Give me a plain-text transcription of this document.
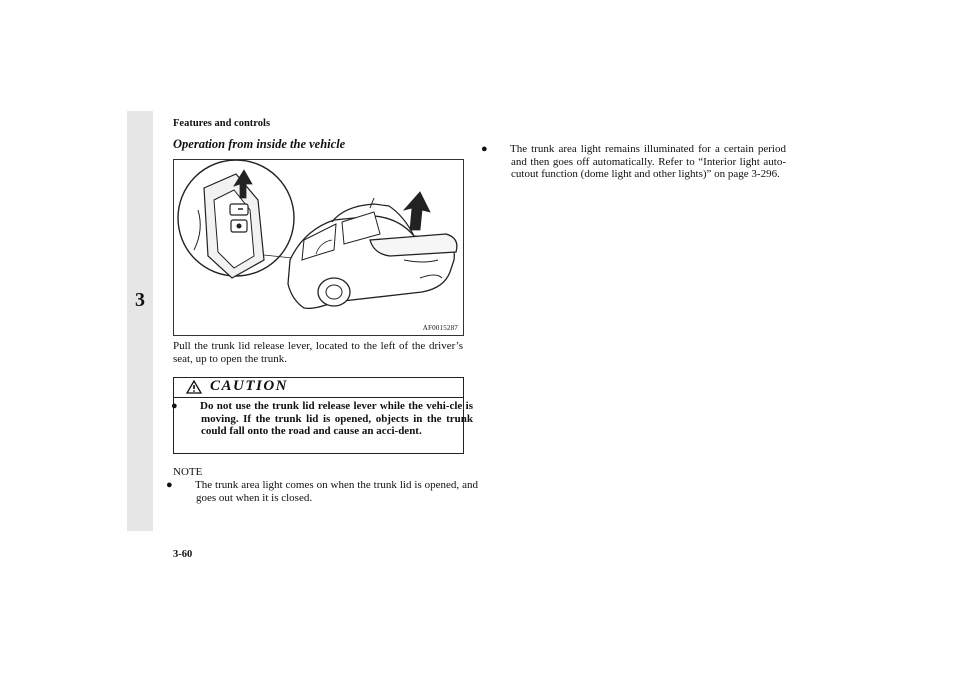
Features and controls
3
Operation from inside the vehicle
AF0015287
Pull the trunk lid release lever, located to the left of the driver’s seat, up to open the trunk.
CAUTION
● Do not use the trunk lid release lever while the vehi-cle is moving. If the trunk lid is opened, objects in the trunk could fall onto the road and cause an acci-dent.
NOTE
● The trunk area light comes on when the trunk lid is opened, and goes out when it is closed.
● The trunk area light remains illuminated for a certain period and then goes off automatically. Refer to “Interior light auto-cutout function (dome light and other lights)” on page 3-296.
3-60
